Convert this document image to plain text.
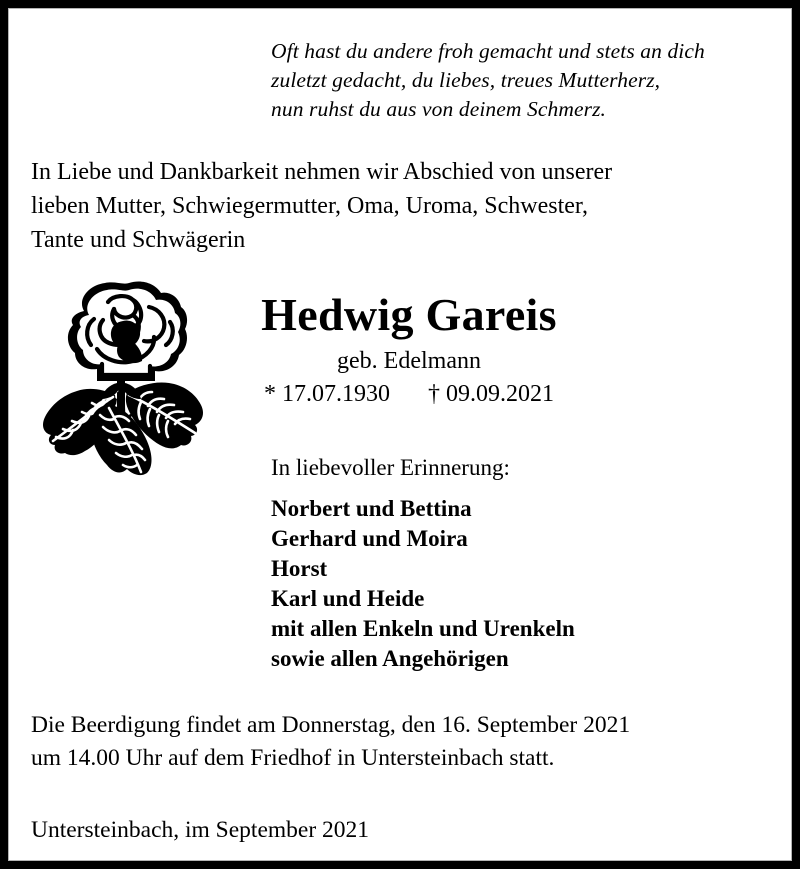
Oft hast du andere froh gemacht und stets an dich
zuletzt gedacht, du liebes, treues Mutterherz,
nun ruhst du aus von deinem Schmerz.
In Liebe und Dankbarkeit nehmen wir Abschied von unserer
lieben Mutter, Schwiegermutter, Oma, Uroma, Schwester,
Tante und Schwägerin
Hedwig Gareis
geb. Edelmann
* 17.07.1930 † 09.09.2021
In liebevoller Erinnerung:
Norbert und Bettina
Gerhard und Moira
Horst
Karl und Heide
mit allen Enkeln und Urenkeln
sowie allen Angehörigen
Die Beerdigung findet am Donnerstag, den 16. September 2021
um 14.00 Uhr auf dem Friedhof in Untersteinbach statt.
Untersteinbach, im September 2021
